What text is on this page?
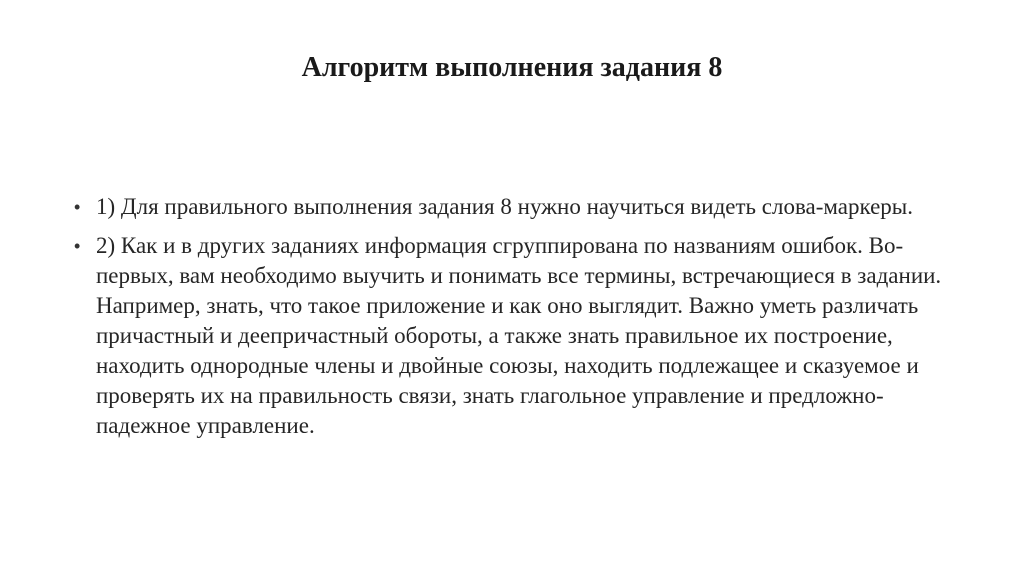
Алгоритм выполнения задания 8
• 1) Для правильного выполнения задания 8 нужно научиться видеть слова-маркеры.
• 2) Как и в других заданиях информация сгруппирована по названиям ошибок. Во-первых, вам необходимо выучить и понимать все термины, встречающиеся в задании. Например, знать, что такое приложение и как оно выглядит. Важно уметь различать причастный и деепричастный обороты, а также знать правильное их построение, находить однородные члены и двойные союзы, находить подлежащее и сказуемое и проверять их на правильность связи, знать глагольное управление и предложно-падежное управление.
